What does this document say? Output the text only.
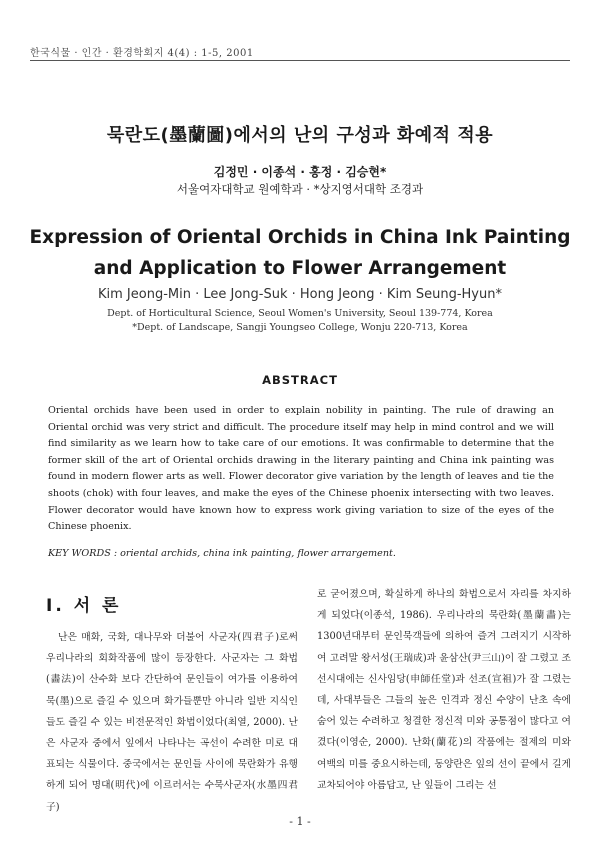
한국식물 · 인간 · 환경학회지 4(4) : 1-5, 2001
묵란도(墨蘭圖)에서의 난의 구성과 화예적 적용
김정민 · 이종석 · 홍정 · 김승현*
서울여자대학교 원예학과 · *상지영서대학 조경과
Expression of Oriental Orchids in China Ink Painting
and Application to Flower Arrangement
Kim Jeong-Min · Lee Jong-Suk · Hong Jeong · Kim Seung-Hyun*
Dept. of Horticultural Science, Seoul Women's University, Seoul 139-774, Korea
*Dept. of Landscape, Sangji Youngseo College, Wonju 220-713, Korea
ABSTRACT
Oriental orchids have been used in order to explain nobility in painting. The rule of drawing an Oriental orchid was very strict and difficult. The procedure itself may help in mind control and we will find similarity as we learn how to take care of our emotions. It was confirmable to determine that the former skill of the art of Oriental orchids drawing in the literary painting and China ink painting was found in modern flower arts as well. Flower decorator give variation by the length of leaves and tie the shoots (chok) with four leaves, and make the eyes of the Chinese phoenix intersecting with two leaves. Flower decorator would have known how to express work giving variation to size of the eyes of the Chinese phoenix.
KEY WORDS : oriental archids, china ink painting, flower arrargement.
Ⅰ. 서 론

난은 매화, 국화, 대나무와 더불어 사군자(四君子)로써 우리나라의 회화작품에 많이 등장한다. 사군자는 그 화법(畵法)이 산수화 보다 간단하여 문인들이 여가를 이용하여 묵(墨)으로 즐길 수 있으며 화가들뿐만 아니라 일반 지식인들도 즐길 수 있는 비전문적인 화법이었다(최열, 2000). 난은 사군자 중에서 잎에서 나타나는 곡선이 수려한 미로 대표되는 식물이다. 중국에서는 문인들 사이에 묵란화가 유행하게 되어 명대(明代)에 이르러서는 수묵사군자(水墨四君子)

로 굳어졌으며, 확실하게 하나의 화법으로서 자리를 차지하게 되었다(이종석, 1986). 우리나라의 묵란화(墨蘭畵)는 1300년대부터 문인묵객들에 의하여 즐겨 그려지기 시작하여 고려말 왕서성(王瑞成)과 윤삼산(尹三山)이 잘 그렸고 조선시대에는 신사임당(申師任堂)과 선조(宣祖)가 잘 그렸는데, 사대부들은 그들의 높은 인격과 정신 수양이 난초 속에 숨어 있는 수려하고 청결한 정신적 미와 공통점이 많다고 여겼다(이영순, 2000). 난화(蘭花)의 작품에는 절제의 미와 여백의 미를 중요시하는데, 동양란은 잎의 선이 끝에서 길게 교차되어야 아름답고, 난 잎들이 그리는 선

- 1 -
